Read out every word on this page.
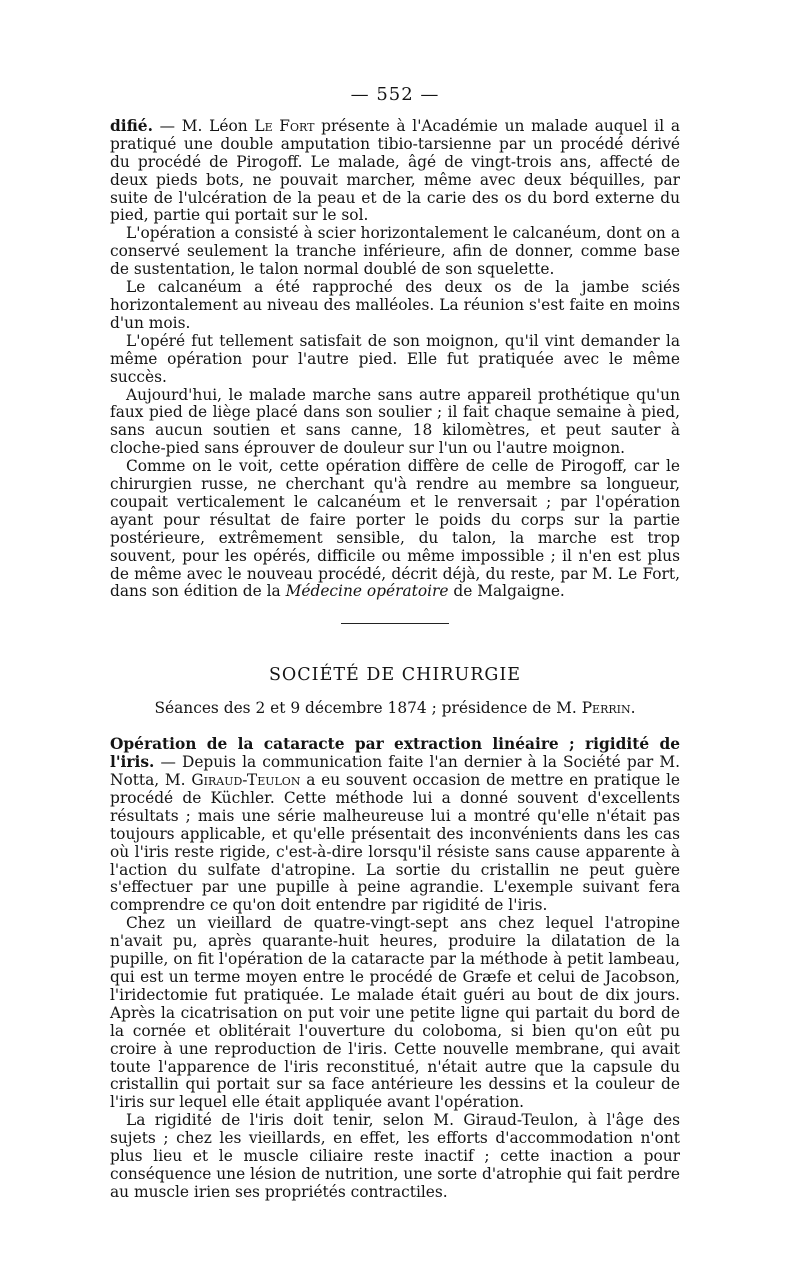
— 552 —

difié. — M. Léon Le Fort présente à l'Académie un malade auquel il a pratiqué une double amputation tibio-tarsienne par un procédé dérivé du procédé de Pirogoff. Le malade, âgé de vingt-trois ans, affecté de deux pieds bots, ne pouvait marcher, même avec deux béquilles, par suite de l'ulcération de la peau et de la carie des os du bord externe du pied, partie qui portait sur le sol.

L'opération a consisté à scier horizontalement le calcanéum, dont on a conservé seulement la tranche inférieure, afin de donner, comme base de sustentation, le talon normal doublé de son squelette.

Le calcanéum a été rapproché des deux os de la jambe sciés horizontalement au niveau des malléoles. La réunion s'est faite en moins d'un mois.

L'opéré fut tellement satisfait de son moignon, qu'il vint demander la même opération pour l'autre pied. Elle fut pratiquée avec le même succès.

Aujourd'hui, le malade marche sans autre appareil prothétique qu'un faux pied de liège placé dans son soulier ; il fait chaque semaine à pied, sans aucun soutien et sans canne, 18 kilomètres, et peut sauter à cloche-pied sans éprouver de douleur sur l'un ou l'autre moignon.

Comme on le voit, cette opération diffère de celle de Pirogoff, car le chirurgien russe, ne cherchant qu'à rendre au membre sa longueur, coupait verticalement le calcanéum et le renversait ; par l'opération ayant pour résultat de faire porter le poids du corps sur la partie postérieure, extrêmement sensible, du talon, la marche est trop souvent, pour les opérés, difficile ou même impossible ; il n'en est plus de même avec le nouveau procédé, décrit déjà, du reste, par M. Le Fort, dans son édition de la Médecine opératoire de Malgaigne.

SOCIÉTÉ DE CHIRURGIE

Séances des 2 et 9 décembre 1874 ; présidence de M. Perrin.

Opération de la cataracte par extraction linéaire ; rigidité de l'iris. — Depuis la communication faite l'an dernier à la Société par M. Notta, M. Giraud-Teulon a eu souvent occasion de mettre en pratique le procédé de Küchler. Cette méthode lui a donné souvent d'excellents résultats ; mais une série malheureuse lui a montré qu'elle n'était pas toujours applicable, et qu'elle présentait des inconvénients dans les cas où l'iris reste rigide, c'est-à-dire lorsqu'il résiste sans cause apparente à l'action du sulfate d'atropine. La sortie du cristallin ne peut guère s'effectuer par une pupille à peine agrandie. L'exemple suivant fera comprendre ce qu'on doit entendre par rigidité de l'iris.

Chez un vieillard de quatre-vingt-sept ans chez lequel l'atropine n'avait pu, après quarante-huit heures, produire la dilatation de la pupille, on fit l'opération de la cataracte par la méthode à petit lambeau, qui est un terme moyen entre le procédé de Græfe et celui de Jacobson, l'iridectomie fut pratiquée. Le malade était guéri au bout de dix jours. Après la cicatrisation on put voir une petite ligne qui partait du bord de la cornée et oblitérait l'ouverture du coloboma, si bien qu'on eût pu croire à une reproduction de l'iris. Cette nouvelle membrane, qui avait toute l'apparence de l'iris reconstitué, n'était autre que la capsule du cristallin qui portait sur sa face antérieure les dessins et la couleur de l'iris sur lequel elle était appliquée avant l'opération.

La rigidité de l'iris doit tenir, selon M. Giraud-Teulon, à l'âge des sujets ; chez les vieillards, en effet, les efforts d'accommodation n'ont plus lieu et le muscle ciliaire reste inactif ; cette inaction a pour conséquence une lésion de nutrition, une sorte d'atrophie qui fait perdre au muscle irien ses propriétés contractiles.
